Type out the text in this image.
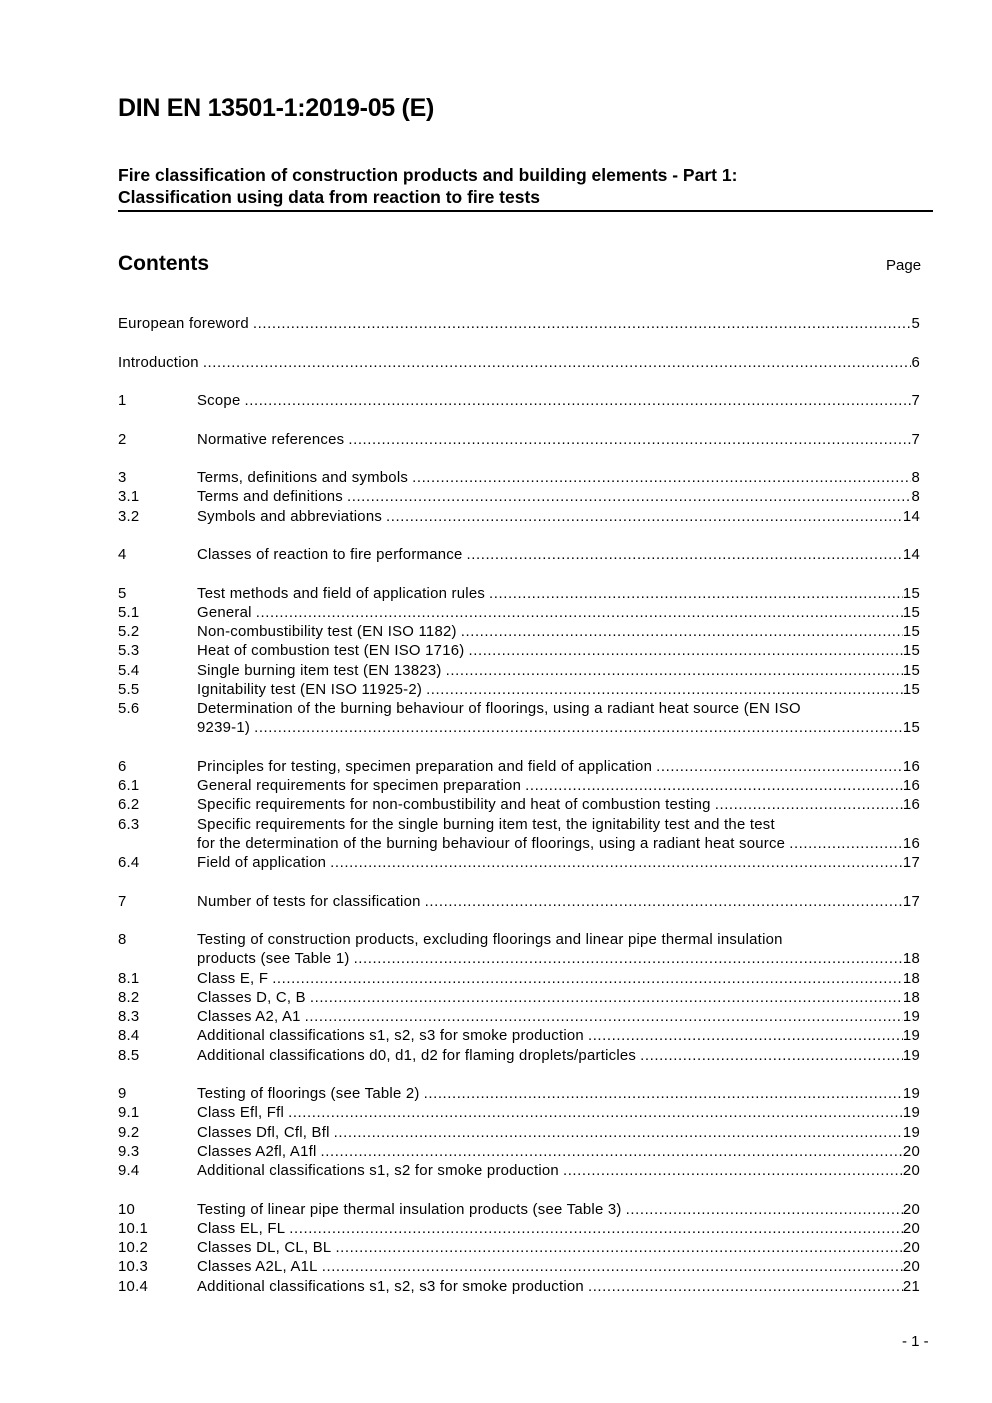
DIN EN 13501-1:2019-05 (E)
Fire classification of construction products and building elements - Part 1:
Classification using data from reaction to fire tests
Contents	Page
European foreword .....	5
Introduction .....	6
1	Scope .....	7
2	Normative references .....	7
3	Terms, definitions and symbols .....	8
3.1	Terms and definitions .....	8
3.2	Symbols and abbreviations .....	14
4	Classes of reaction to fire performance .....	14
5	Test methods and field of application rules .....	15
5.1	General .....	15
5.2	Non-combustibility test (EN ISO 1182) .....	15
5.3	Heat of combustion test (EN ISO 1716) .....	15
5.4	Single burning item test (EN 13823) .....	15
5.5	Ignitability test (EN ISO 11925-2) .....	15
5.6	Determination of the burning behaviour of floorings, using a radiant heat source (EN ISO
9239-1) .....	15
6	Principles for testing, specimen preparation and field of application .....	16
6.1	General requirements for specimen preparation .....	16
6.2	Specific requirements for non-combustibility and heat of combustion testing .....	16
6.3	Specific requirements for the single burning item test, the ignitability test and the test
for the determination of the burning behaviour of floorings, using a radiant heat source .....	16
6.4	Field of application .....	17
7	Number of tests for classification .....	17
8	Testing of construction products, excluding floorings and linear pipe thermal insulation
products (see Table 1) .....	18
8.1	Class E, F .....	18
8.2	Classes D, C, B .....	18
8.3	Classes A2, A1 .....	19
8.4	Additional classifications s1, s2, s3 for smoke production .....	19
8.5	Additional classifications d0, d1, d2 for flaming droplets/particles .....	19
9	Testing of floorings (see Table 2) .....	19
9.1	Class Efl, Ffl .....	19
9.2	Classes Dfl, Cfl, Bfl .....	19
9.3	Classes A2fl, A1fl .....	20
9.4	Additional classifications s1, s2 for smoke production .....	20
10	Testing of linear pipe thermal insulation products (see Table 3) .....	20
10.1	Class EL, FL .....	20
10.2	Classes DL, CL, BL .....	20
10.3	Classes A2L, A1L .....	20
10.4	Additional classifications s1, s2, s3 for smoke production .....	21
- 1 -
